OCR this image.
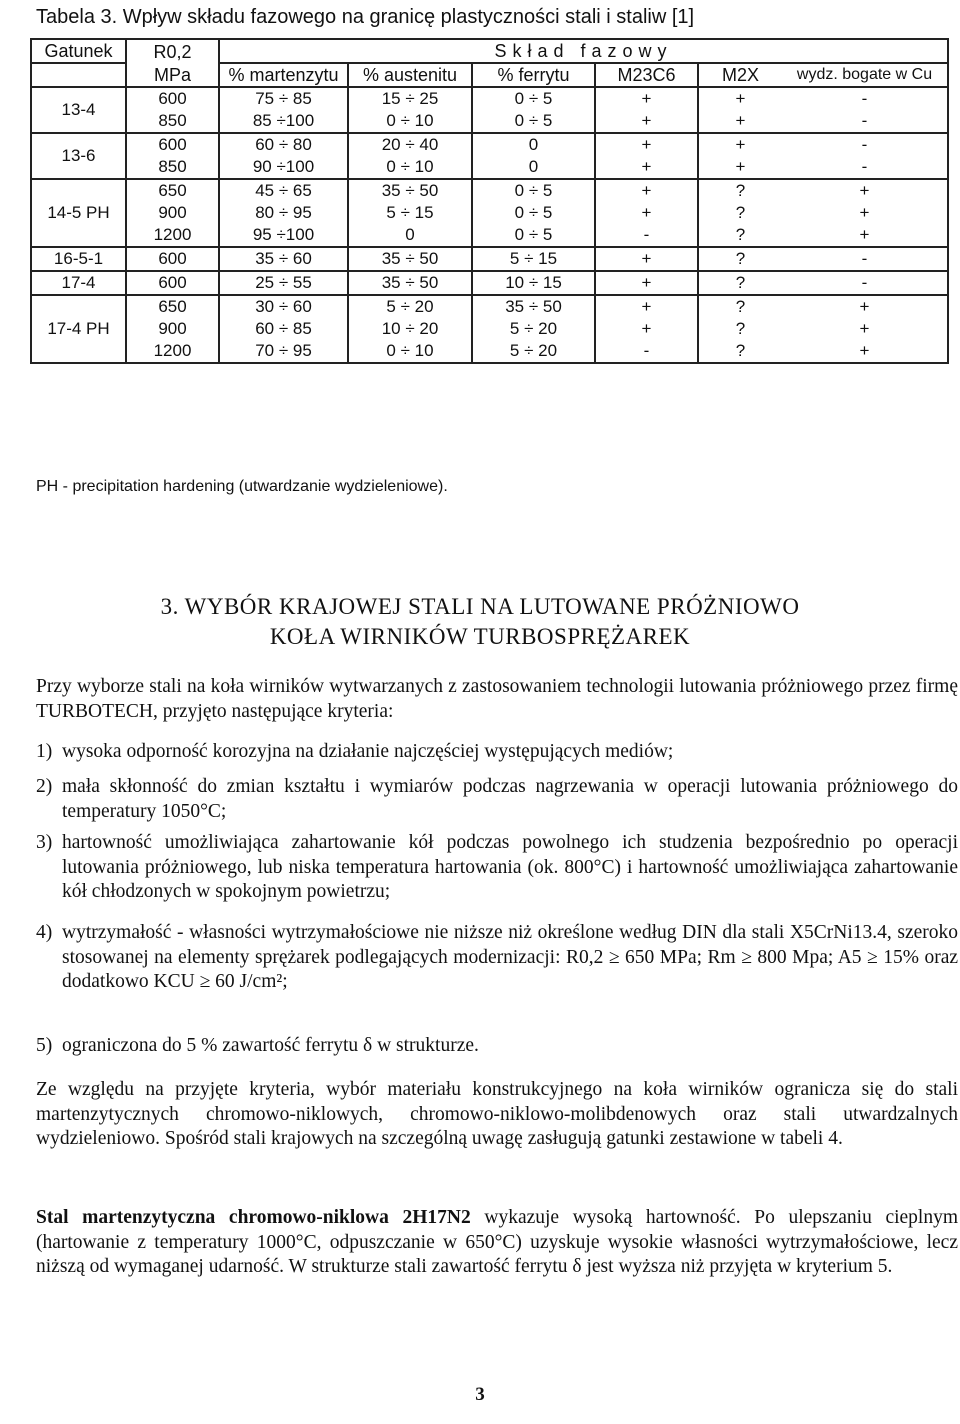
Tabela 3. Wpływ składu fazowego na granicę plastyczności stali i staliw [1]
Gatunek	R0,2	Skład fazowy					
	MPa	% martenzytu	% austenitu	% ferrytu	M23C6	M2X	wydz. bogate w Cu
13-4	600	75 ÷ 85	15 ÷ 25	0 ÷ 5	+	+	-
	850	85 ÷100	0 ÷ 10	0 ÷ 5	+	+	-
13-6	600	60 ÷ 80	20 ÷ 40	0	+	+	-
	850	90 ÷100	0 ÷ 10	0	+	+	-
14-5 PH	650	45 ÷ 65	35 ÷ 50	0 ÷ 5	+	?	+
	900	80 ÷ 95	5 ÷ 15	0 ÷ 5	+	?	+
	1200	95 ÷100	0	0 ÷ 5	-	?	+
16-5-1	600	35 ÷ 60	35 ÷ 50	5 ÷ 15	+	?	-
17-4	600	25 ÷ 55	35 ÷ 50	10 ÷ 15	+	?	-
17-4 PH	650	30 ÷ 60	5 ÷ 20	35 ÷ 50	+	?	+
	900	60 ÷ 85	10 ÷ 20	5 ÷ 20	+	?	+
	1200	70 ÷ 95	0 ÷ 10	5 ÷ 20	-	?	+
PH - precipitation hardening (utwardzanie wydzieleniowe).
3. WYBÓR KRAJOWEJ STALI NA LUTOWANE PRÓŻNIOWO
KOŁA WIRNIKÓW TURBOSPRĘŻAREK
Przy wyborze stali na koła wirników wytwarzanych z zastosowaniem technologii lutowania próżniowego przez firmę TURBOTECH, przyjęto następujące kryteria:
1) wysoka odporność korozyjna na działanie najczęściej występujących mediów;
2) mała skłonność do zmian kształtu i wymiarów podczas nagrzewania w operacji lutowania próżniowego do temperatury 1050°C;
3) hartowność umożliwiająca zahartowanie kół podczas powolnego ich studzenia bezpośrednio po operacji lutowania próżniowego, lub niska temperatura hartowania (ok. 800°C) i hartowność umożliwiająca zahartowanie kół chłodzonych w spokojnym powietrzu;
4) wytrzymałość - własności wytrzymałościowe nie niższe niż określone według DIN dla stali X5CrNi13.4, szeroko stosowanej na elementy sprężarek podlegających modernizacji: R0,2 ≥ 650 MPa; Rm ≥ 800 Mpa; A5 ≥ 15% oraz dodatkowo KCU ≥ 60 J/cm²;
5) ograniczona do 5 % zawartość ferrytu δ w strukturze.
Ze względu na przyjęte kryteria, wybór materiału konstrukcyjnego na koła wirników ogranicza się do stali martenzytycznych chromowo-niklowych, chromowo-niklowo-molibdenowych oraz stali utwardzalnych wydzieleniowo. Spośród stali krajowych na szczególną uwagę zasługują gatunki zestawione w tabeli 4.
Stal martenzytyczna chromowo-niklowa 2H17N2 wykazuje wysoką hartowność. Po ulepszaniu cieplnym (hartowanie z temperatury 1000°C, odpuszczanie w 650°C) uzyskuje wysokie własności wytrzymałościowe, lecz niższą od wymaganej udarność. W strukturze stali zawartość ferrytu δ jest wyższa niż przyjęta w kryterium 5.
3
